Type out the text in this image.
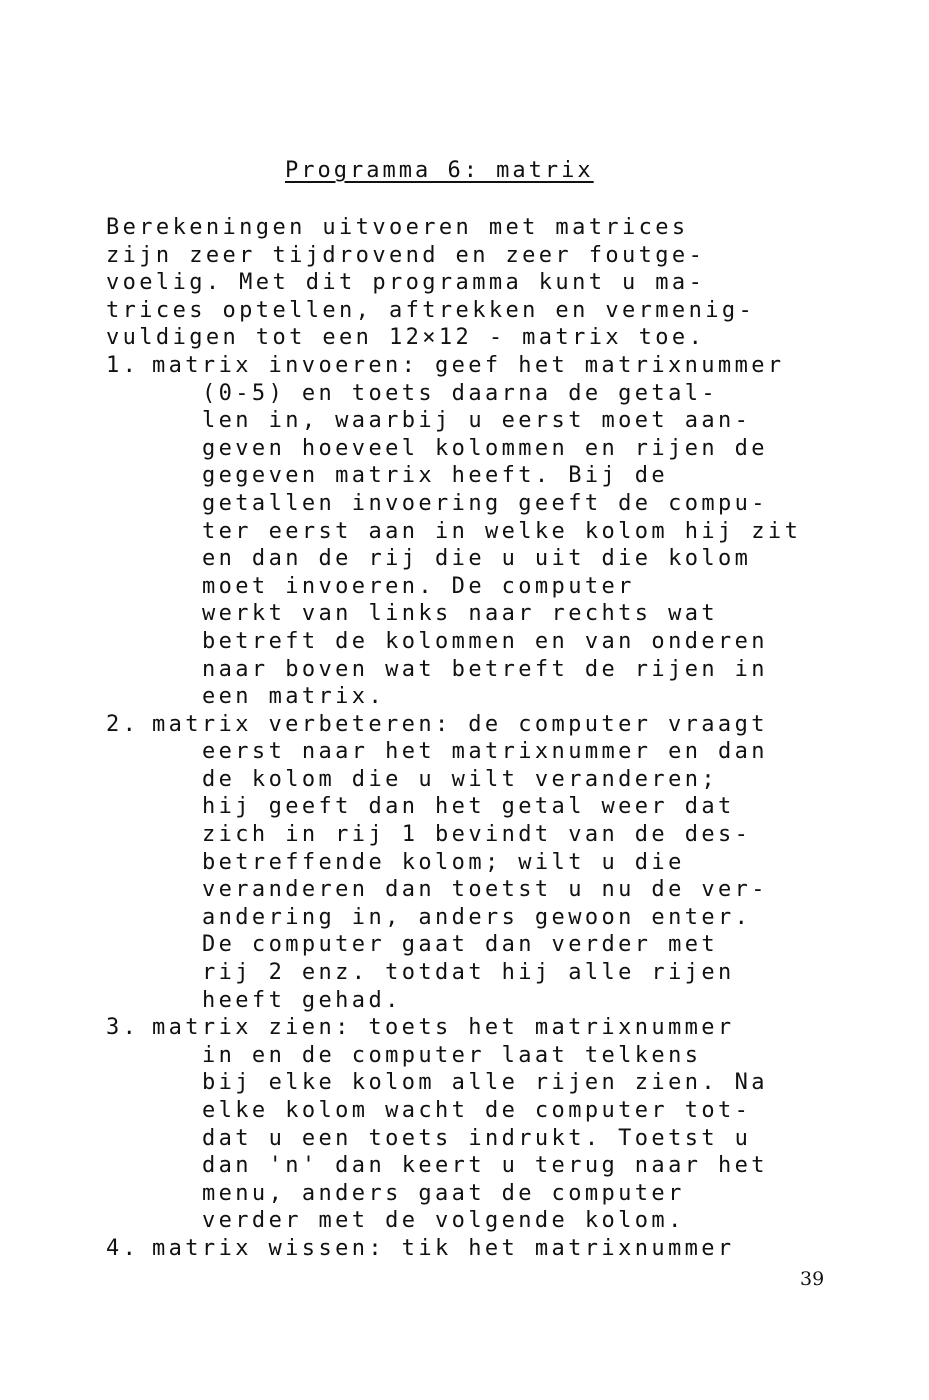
Programma 6: matrix
Berekeningen uitvoeren met matrices
zijn zeer tijdrovend en zeer foutge-
voelig. Met dit programma kunt u ma-
trices optellen, aftrekken en vermenig-
vuldigen tot een 12×12 - matrix toe.
1. matrix invoeren: geef het matrixnummer
(0-5) en toets daarna de getal-
len in, waarbij u eerst moet aan-
geven hoeveel kolommen en rijen de
gegeven matrix heeft. Bij de
getallen invoering geeft de compu-
ter eerst aan in welke kolom hij zit
en dan de rij die u uit die kolom
moet invoeren. De computer
werkt van links naar rechts wat
betreft de kolommen en van onderen
naar boven wat betreft de rijen in
een matrix.
2. matrix verbeteren: de computer vraagt
eerst naar het matrixnummer en dan
de kolom die u wilt veranderen;
hij geeft dan het getal weer dat
zich in rij 1 bevindt van de des-
betreffende kolom; wilt u die
veranderen dan toetst u nu de ver-
andering in, anders gewoon enter.
De computer gaat dan verder met
rij 2 enz. totdat hij alle rijen
heeft gehad.
3. matrix zien: toets het matrixnummer
in en de computer laat telkens
bij elke kolom alle rijen zien. Na
elke kolom wacht de computer tot-
dat u een toets indrukt. Toetst u
dan 'n' dan keert u terug naar het
menu, anders gaat de computer
verder met de volgende kolom.
4. matrix wissen: tik het matrixnummer
39
